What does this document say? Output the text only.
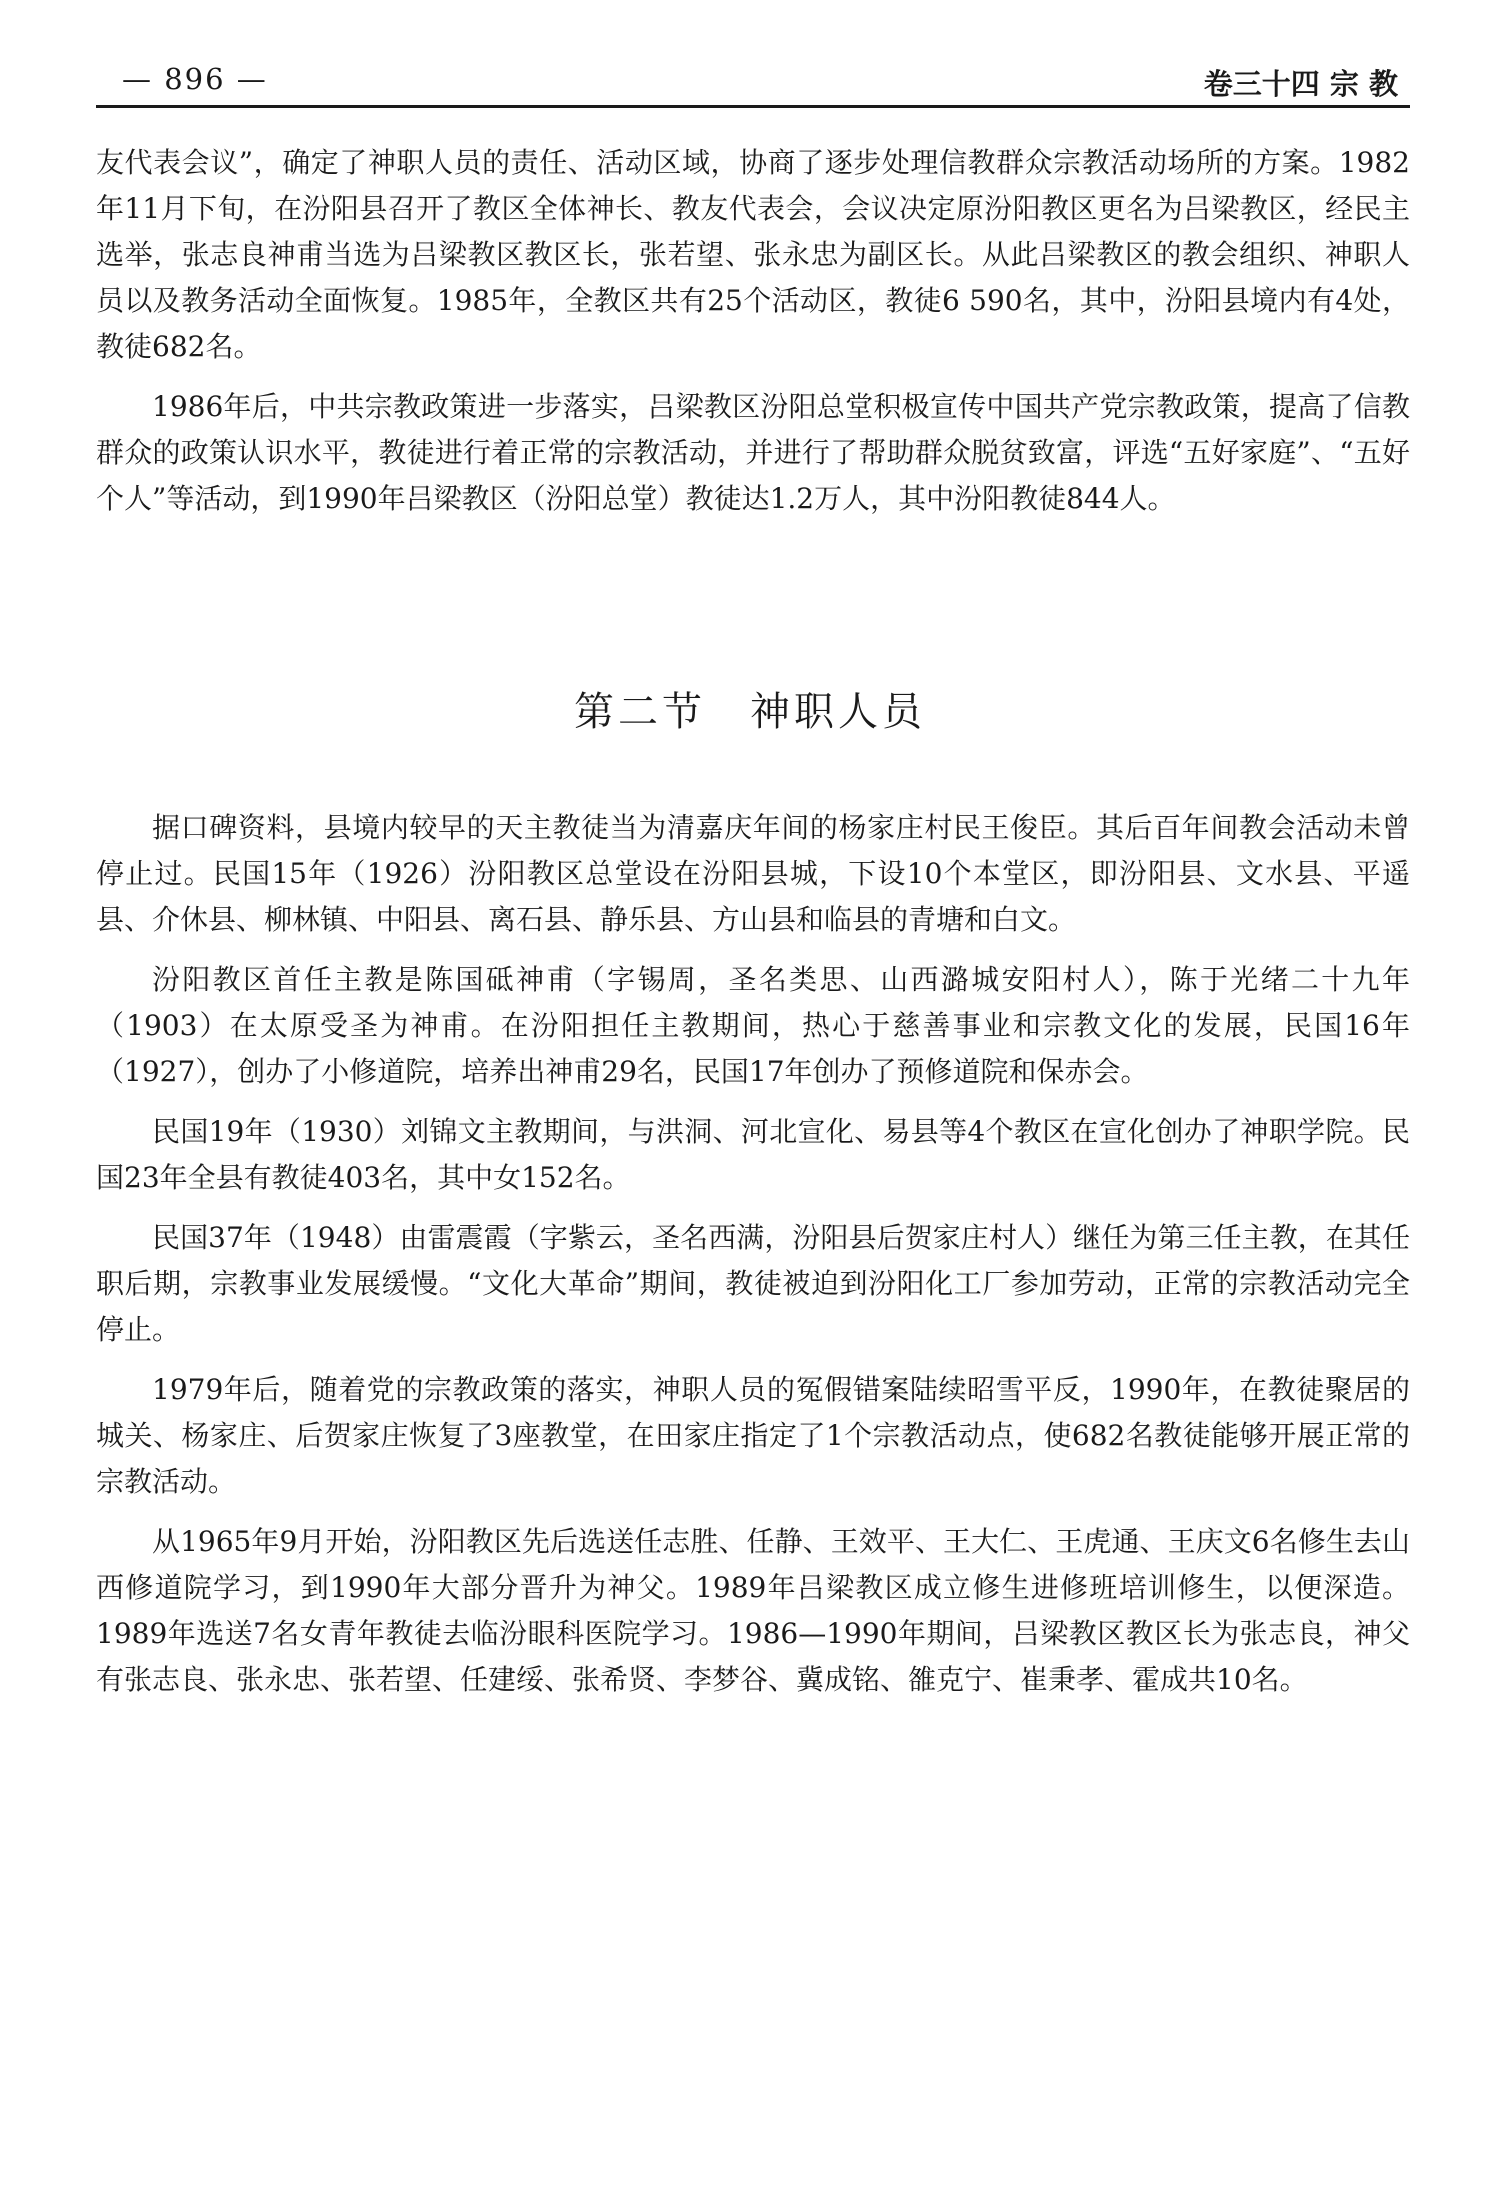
— 896 —	卷三十四 宗 教

友代表会议”，确定了神职人员的责任、活动区域，协商了逐步处理信教群众宗教活动场所的方案。1982年11月下旬，在汾阳县召开了教区全体神长、教友代表会，会议决定原汾阳教区更名为吕梁教区，经民主选举，张志良神甫当选为吕梁教区教区长，张若望、张永忠为副区长。从此吕梁教区的教会组织、神职人员以及教务活动全面恢复。1985年，全教区共有25个活动区，教徒6 590名，其中，汾阳县境内有4处，教徒682名。

1986年后，中共宗教政策进一步落实，吕梁教区汾阳总堂积极宣传中国共产党宗教政策，提高了信教群众的政策认识水平，教徒进行着正常的宗教活动，并进行了帮助群众脱贫致富，评选“五好家庭”、“五好个人”等活动，到1990年吕梁教区（汾阳总堂）教徒达1.2万人，其中汾阳教徒844人。

第二节　神职人员

据口碑资料，县境内较早的天主教徒当为清嘉庆年间的杨家庄村民王俊臣。其后百年间教会活动未曾停止过。民国15年（1926）汾阳教区总堂设在汾阳县城，下设10个本堂区，即汾阳县、文水县、平遥县、介休县、柳林镇、中阳县、离石县、静乐县、方山县和临县的青塘和白文。

汾阳教区首任主教是陈国砥神甫（字锡周，圣名类思、山西潞城安阳村人），陈于光绪二十九年（1903）在太原受圣为神甫。在汾阳担任主教期间，热心于慈善事业和宗教文化的发展，民国16年（1927），创办了小修道院，培养出神甫29名，民国17年创办了预修道院和保赤会。

民国19年（1930）刘锦文主教期间，与洪洞、河北宣化、易县等4个教区在宣化创办了神职学院。民国23年全县有教徒403名，其中女152名。

民国37年（1948）由雷震霞（字紫云，圣名西满，汾阳县后贺家庄村人）继任为第三任主教，在其任职后期，宗教事业发展缓慢。“文化大革命”期间，教徒被迫到汾阳化工厂参加劳动，正常的宗教活动完全停止。

1979年后，随着党的宗教政策的落实，神职人员的冤假错案陆续昭雪平反，1990年，在教徒聚居的城关、杨家庄、后贺家庄恢复了3座教堂，在田家庄指定了1个宗教活动点，使682名教徒能够开展正常的宗教活动。

从1965年9月开始，汾阳教区先后选送任志胜、任静、王效平、王大仁、王虎通、王庆文6名修生去山西修道院学习，到1990年大部分晋升为神父。1989年吕梁教区成立修生进修班培训修生，以便深造。1989年选送7名女青年教徒去临汾眼科医院学习。1986—1990年期间，吕梁教区教区长为张志良，神父有张志良、张永忠、张若望、任建绥、张希贤、李梦谷、冀成铭、雒克宁、崔秉孝、霍成共10名。
